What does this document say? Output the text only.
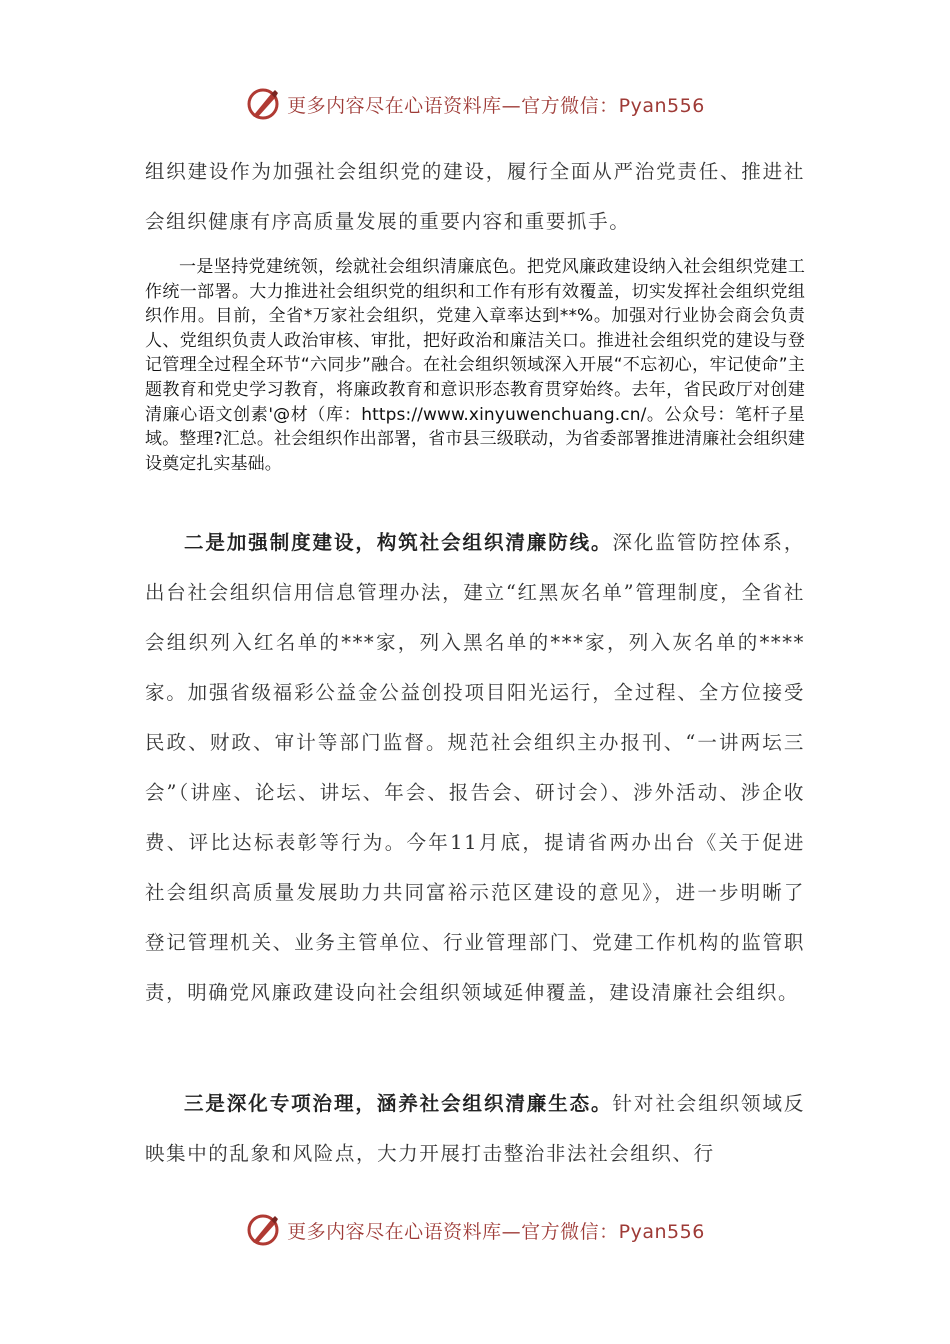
更多内容尽在心语资料库—官方微信：Pyan556

组织建设作为加强社会组织党的建设，履行全面从严治党责任、推进社会组织健康有序高质量发展的重要内容和重要抓手。

一是坚持党建统领，绘就社会组织清廉底色。把党风廉政建设纳入社会组织党建工作统一部署。大力推进社会组织党的组织和工作有形有效覆盖，切实发挥社会组织党组织作用。目前，全省*万家社会组织，党建入章率达到**%。加强对行业协会商会负责人、党组织负责人政治审核、审批，把好政治和廉洁关口。推进社会组织党的建设与登记管理全过程全环节“六同步”融合。在社会组织领域深入开展“不忘初心，牢记使命”主题教育和党史学习教育，将廉政教育和意识形态教育贯穿始终。去年，省民政厅对创建清廉心语文创素'@材（库：https://www.xinyuwenchuang.cn/。公众号：笔杆子星域。整理?汇总。社会组织作出部署，省市县三级联动，为省委部署推进清廉社会组织建设奠定扎实基础。

二是加强制度建设，构筑社会组织清廉防线。深化监管防控体系，出台社会组织信用信息管理办法，建立“红黑灰名单”管理制度，全省社会组织列入红名单的***家，列入黑名单的***家，列入灰名单的****家。加强省级福彩公益金公益创投项目阳光运行，全过程、全方位接受民政、财政、审计等部门监督。规范社会组织主办报刊、“一讲两坛三会”（讲座、论坛、讲坛、年会、报告会、研讨会）、涉外活动、涉企收费、评比达标表彰等行为。今年11月底，提请省两办出台《关于促进社会组织高质量发展助力共同富裕示范区建设的意见》，进一步明晰了登记管理机关、业务主管单位、行业管理部门、党建工作机构的监管职责，明确党风廉政建设向社会组织领域延伸覆盖，建设清廉社会组织。

三是深化专项治理，涵养社会组织清廉生态。针对社会组织领域反映集中的乱象和风险点，大力开展打击整治非法社会组织、行

更多内容尽在心语资料库—官方微信：Pyan556
